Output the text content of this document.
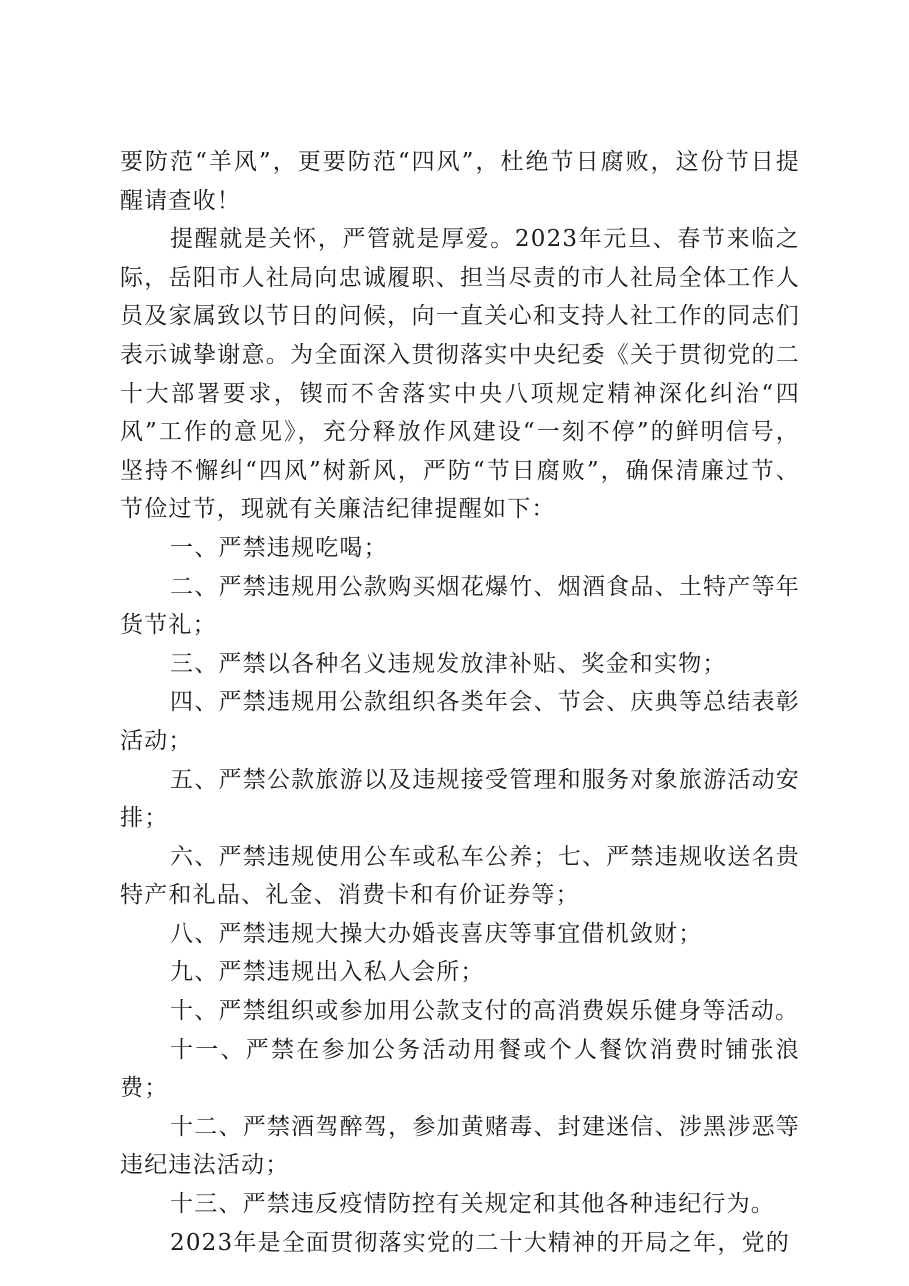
要防范“羊风”，更要防范“四风”，杜绝节日腐败，这份节日提醒请查收！

提醒就是关怀，严管就是厚爱。2023年元旦、春节来临之际，岳阳市人社局向忠诚履职、担当尽责的市人社局全体工作人员及家属致以节日的问候，向一直关心和支持人社工作的同志们表示诚挚谢意。为全面深入贯彻落实中央纪委《关于贯彻党的二十大部署要求，锲而不舍落实中央八项规定精神深化纠治“四风”工作的意见》，充分释放作风建设“一刻不停”的鲜明信号，坚持不懈纠“四风”树新风，严防“节日腐败”，确保清廉过节、节俭过节，现就有关廉洁纪律提醒如下：

一、严禁违规吃喝；

二、严禁违规用公款购买烟花爆竹、烟酒食品、土特产等年货节礼；

三、严禁以各种名义违规发放津补贴、奖金和实物；

四、严禁违规用公款组织各类年会、节会、庆典等总结表彰活动；

五、严禁公款旅游以及违规接受管理和服务对象旅游活动安排；

六、严禁违规使用公车或私车公养；七、严禁违规收送名贵特产和礼品、礼金、消费卡和有价证券等；

八、严禁违规大操大办婚丧喜庆等事宜借机敛财；

九、严禁违规出入私人会所；

十、严禁组织或参加用公款支付的高消费娱乐健身等活动。

十一、严禁在参加公务活动用餐或个人餐饮消费时铺张浪费；

十二、严禁酒驾醉驾，参加黄赌毒、封建迷信、涉黑涉恶等违纪违法活动；

十三、严禁违反疫情防控有关规定和其他各种违纪行为。

2023年是全面贯彻落实党的二十大精神的开局之年，党的
